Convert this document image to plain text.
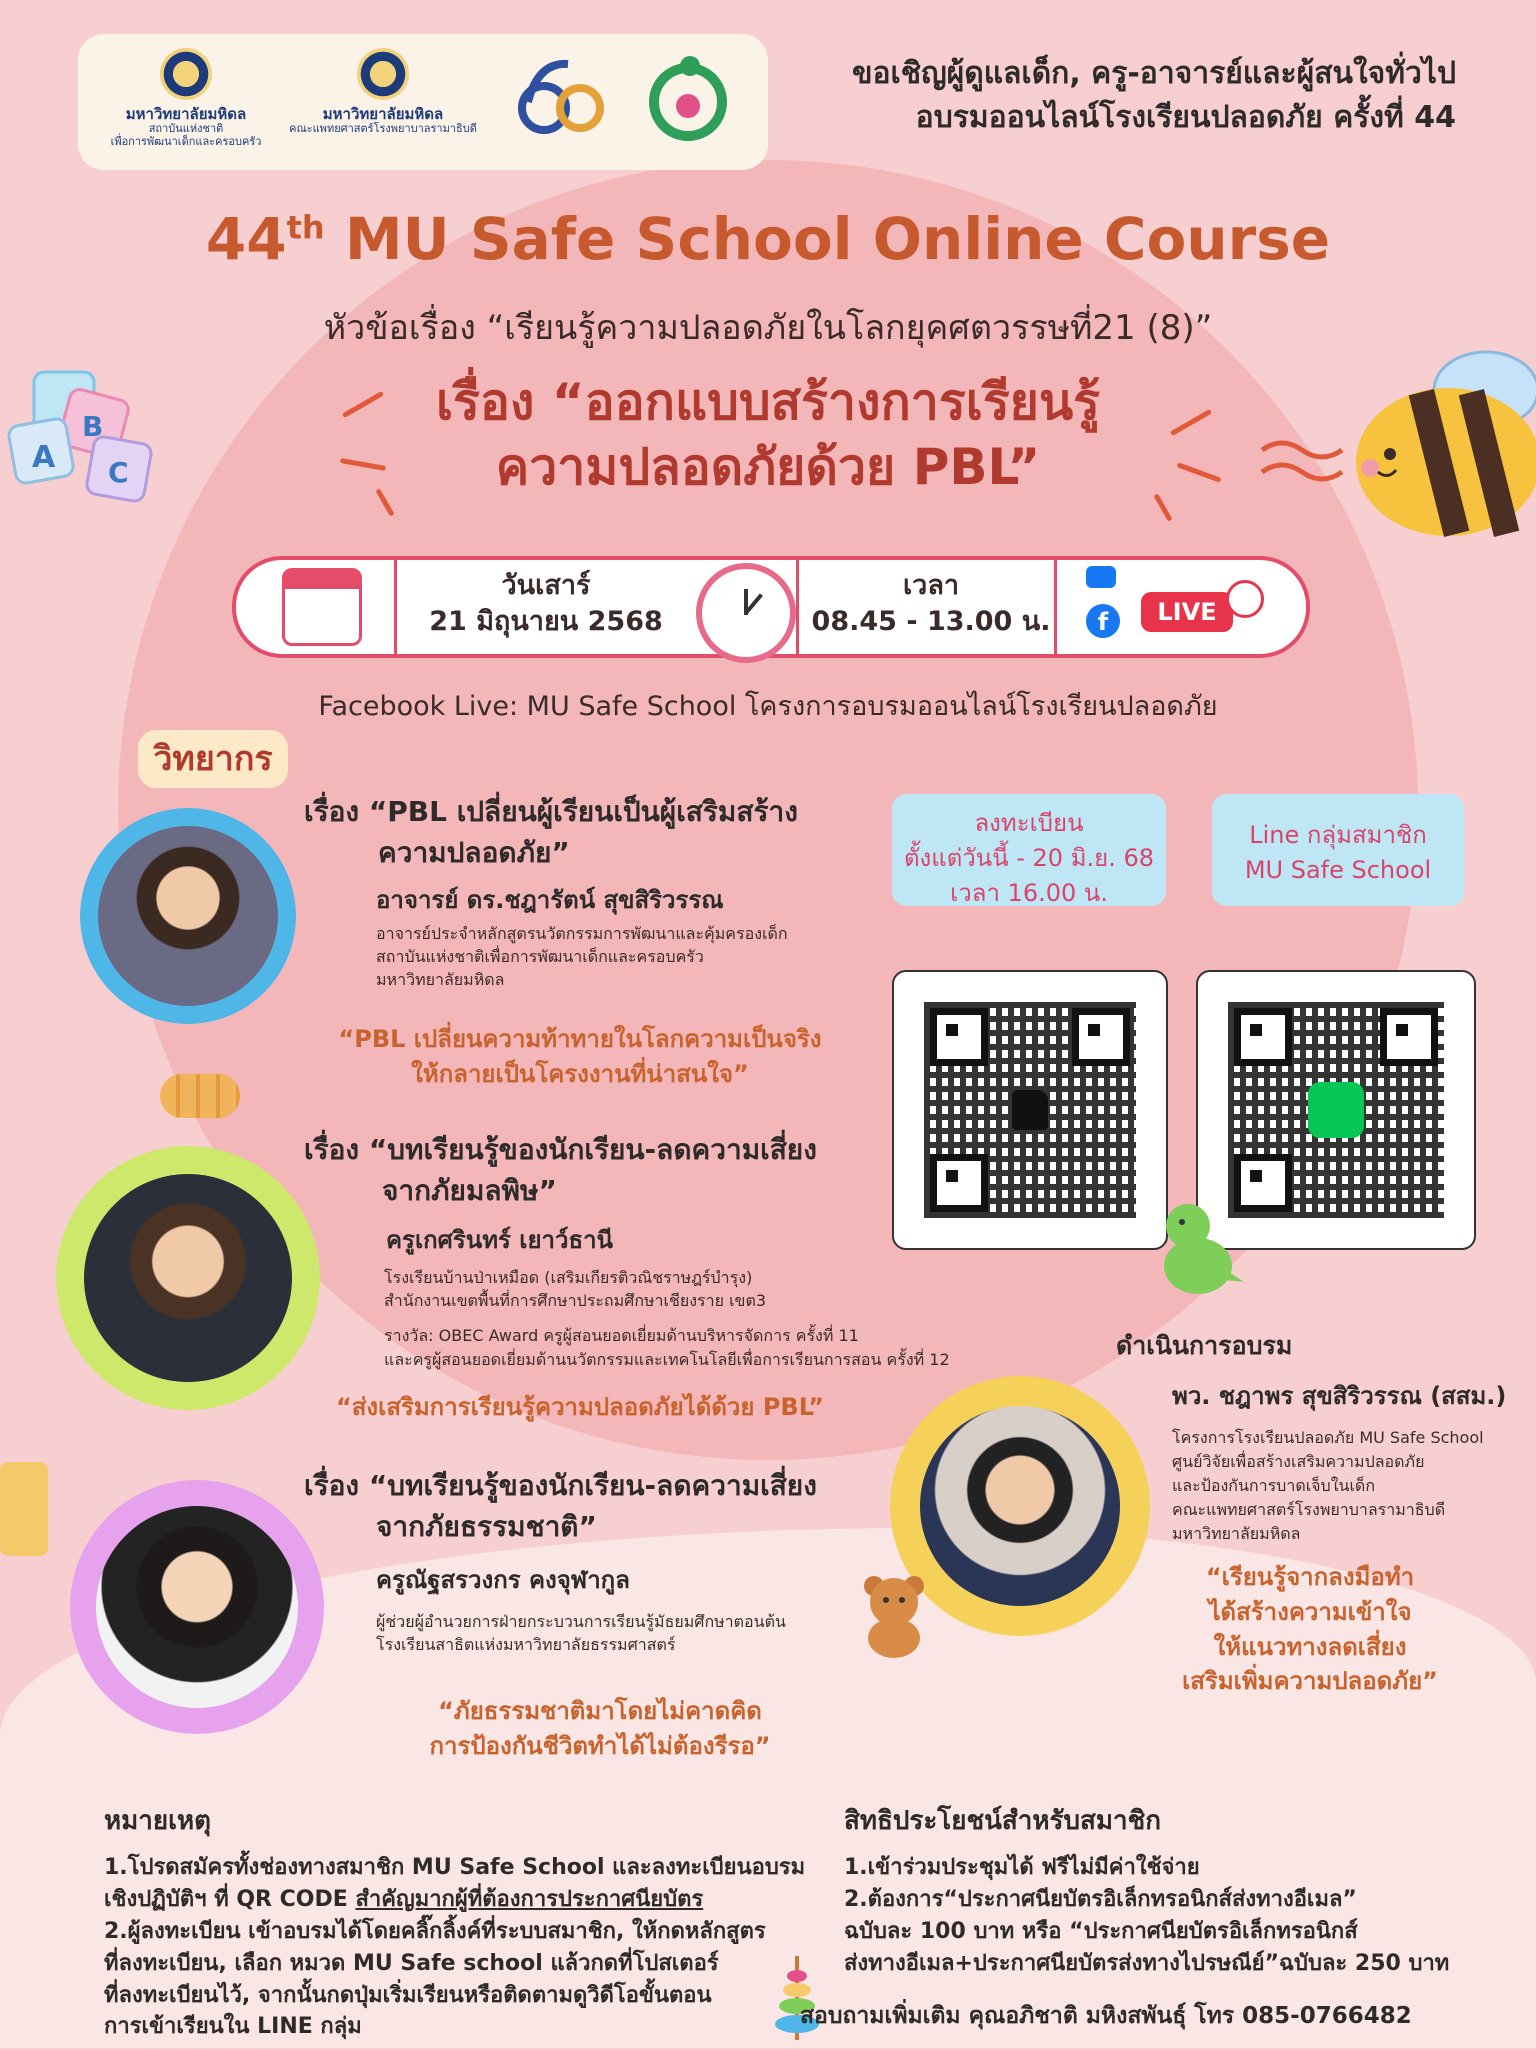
มหาวิทยาลัยมหิดล
สถาบันแห่งชาติ
เพื่อการพัฒนาเด็กและครอบครัว
มหาวิทยาลัยมหิดล
คณะแพทยศาสตร์โรงพยาบาลรามาธิบดี
ขอเชิญผู้ดูแลเด็ก, ครู-อาจารย์และผู้สนใจทั่วไป
อบรมออนไลน์โรงเรียนปลอดภัย ครั้งที่ 44
44th MU Safe School Online Course
หัวข้อเรื่อง “เรียนรู้ความปลอดภัยในโลกยุคศตวรรษที่21 (8)”
เรื่อง “ออกแบบสร้างการเรียนรู้
ความปลอดภัยด้วย PBL”
A
B
C
วันเสาร์
21 มิถุนายน 2568
เวลา
08.45 - 13.00 น.	f	LIVE
Facebook Live: MU Safe School โครงการอบรมออนไลน์โรงเรียนปลอดภัย
วิทยากร
เรื่อง “PBL เปลี่ยนผู้เรียนเป็นผู้เสริมสร้าง
ความปลอดภัย”
อาจารย์ ดร.ชฎารัตน์ สุขสิริวรรณ
อาจารย์ประจำหลักสูตรนวัตกรรมการพัฒนาและคุ้มครองเด็ก
สถาบันแห่งชาติเพื่อการพัฒนาเด็กและครอบครัว
มหาวิทยาลัยมหิดล
“PBL เปลี่ยนความท้าทายในโลกความเป็นจริง
ให้กลายเป็นโครงงานที่น่าสนใจ”
เรื่อง “บทเรียนรู้ของนักเรียน-ลดความเสี่ยง
จากภัยมลพิษ”
ครูเกศรินทร์ เยาว์ธานี
โรงเรียนบ้านป่าเหมือด (เสริมเกียรติวณิชราษฎร์บำรุง)
สำนักงานเขตพื้นที่การศึกษาประถมศึกษาเชียงราย เขต3
รางวัล: OBEC Award ครูผู้สอนยอดเยี่ยมด้านบริหารจัดการ ครั้งที่ 11
และครูผู้สอนยอดเยี่ยมด้านนวัตกรรมและเทคโนโลยีเพื่อการเรียนการสอน ครั้งที่ 12
“ส่งเสริมการเรียนรู้ความปลอดภัยได้ด้วย PBL”
เรื่อง “บทเรียนรู้ของนักเรียน-ลดความเสี่ยง
จากภัยธรรมชาติ”
ครูณัฐสรวงกร คงจุฬากูล
ผู้ช่วยผู้อำนวยการฝ่ายกระบวนการเรียนรู้มัธยมศึกษาตอนต้น
โรงเรียนสาธิตแห่งมหาวิทยาลัยธรรมศาสตร์
“ภัยธรรมชาติมาโดยไม่คาดคิด
การป้องกันชีวิตทำได้ไม่ต้องรีรอ”
ลงทะเบียน
ตั้งแต่วันนี้ - 20 มิ.ย. 68
เวลา 16.00 น.
Line กลุ่มสมาชิก
MU Safe School
ดำเนินการอบรม
พว. ชฎาพร สุขสิริวรรณ (สสม.)
โครงการโรงเรียนปลอดภัย MU Safe School
ศูนย์วิจัยเพื่อสร้างเสริมความปลอดภัย
และป้องกันการบาดเจ็บในเด็ก
คณะแพทยศาสตร์โรงพยาบาลรามาธิบดี
มหาวิทยาลัยมหิดล
“เรียนรู้จากลงมือทำ
ได้สร้างความเข้าใจ
ให้แนวทางลดเสี่ยง
เสริมเพิ่มความปลอดภัย”
หมายเหตุ
1.โปรดสมัครทั้งช่องทางสมาชิก MU Safe School และลงทะเบียนอบรม
เชิงปฏิบัติฯ ที่ QR CODE สำคัญมากผู้ที่ต้องการประกาศนียบัตร
2.ผู้ลงทะเบียน เข้าอบรมได้โดยคลิ๊กลิ้งค์ที่ระบบสมาชิก, ให้กดหลักสูตร
ที่ลงทะเบียน, เลือก หมวด MU Safe school แล้วกดที่โปสเตอร์
ที่ลงทะเบียนไว้, จากนั้นกดปุ่มเริ่มเรียนหรือติดตามดูวิดีโอขั้นตอน
การเข้าเรียนใน LINE กลุ่ม
สิทธิประโยชน์สำหรับสมาชิก
1.เข้าร่วมประชุมได้ ฟรีไม่มีค่าใช้จ่าย
2.ต้องการ“ประกาศนียบัตรอิเล็กทรอนิกส์ส่งทางอีเมล”
ฉบับละ 100 บาท หรือ “ประกาศนียบัตรอิเล็กทรอนิกส์
ส่งทางอีเมล+ประกาศนียบัตรส่งทางไปรษณีย์”ฉบับละ 250 บาท
สอบถามเพิ่มเติม คุณอภิชาติ มหิงสพันธุ์ โทร 085-0766482
